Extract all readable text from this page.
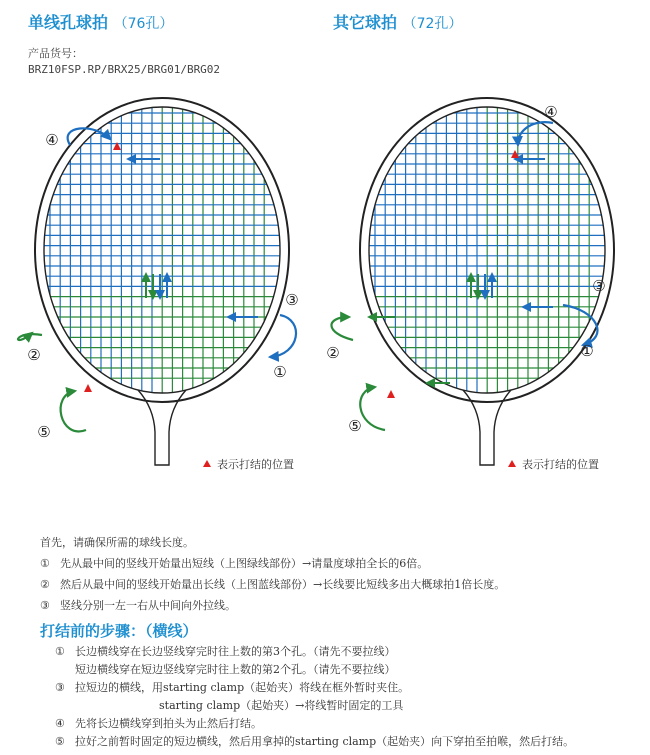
单线孔球拍 （76孔）	其它球拍 （72孔）
产品货号：
BRZ10FSP.RP/BRX25/BRG01/BRG02
④
③
①
②
⑤
④
③
①
②
⑤
表示打结的位置	表示打结的位置
首先，请确保所需的球线长度。
① 先从最中间的竖线开始量出短线（上图绿线部份）→请量度球拍全长的6倍。
② 然后从最中间的竖线开始量出长线（上图蓝线部份）→长线要比短线多出大概球拍1倍长度。
③ 竖线分别一左一右从中间向外拉线。
打结前的步骤：（横线）
① 长边横线穿在长边竖线穿完时往上数的第3个孔。（请先不要拉线）
短边横线穿在短边竖线穿完时往上数的第2个孔。（请先不要拉线）
③ 拉短边的横线，用starting clamp（起始夹）将线在框外暂时夹住。
starting clamp（起始夹）→将线暂时固定的工具
④ 先将长边横线穿到拍头为止然后打结。
⑤ 拉好之前暂时固定的短边横线，然后用拿掉的starting clamp（起始夹）向下穿拍至拍喉，然后打结。
